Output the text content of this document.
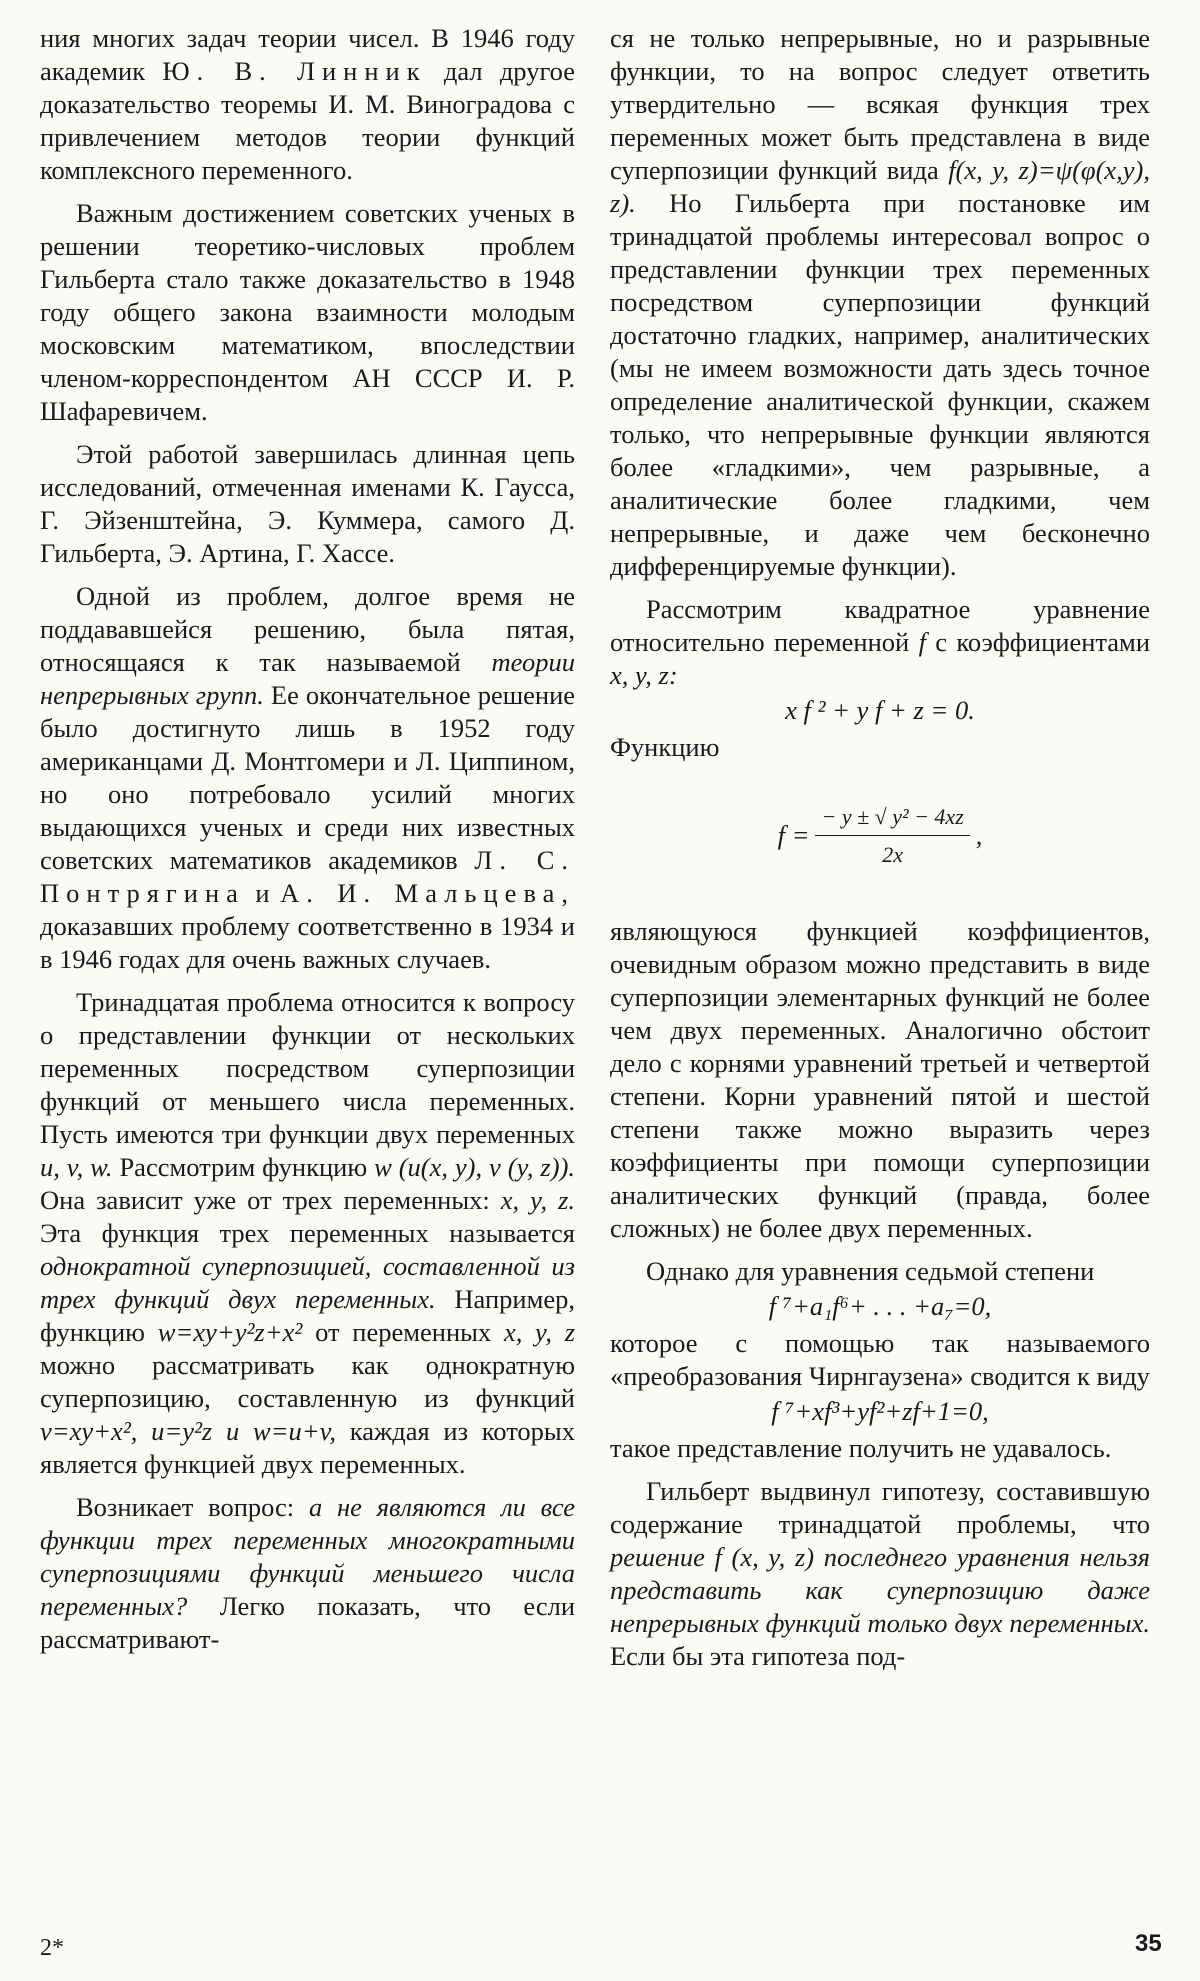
ния многих задач теории чисел. В 1946 году академик Ю. В. Линник дал другое доказательство теоремы И. М. Виноградова с привлечением методов теории функций комплексного переменного.

Важным достижением советских ученых в решении теоретико-числовых проблем Гильберта стало также доказательство в 1948 году общего закона взаимности молодым московским математиком, впоследствии членом-корреспондентом АН СССР И. Р. Шафаревичем.

Этой работой завершилась длинная цепь исследований, отмеченная именами К. Гаусса, Г. Эйзенштейна, Э. Куммера, самого Д. Гильберта, Э. Артина, Г. Хассе.

Одной из проблем, долгое время не поддававшейся решению, была пятая, относящаяся к так называемой теории непрерывных групп. Ее окончательное решение было достигнуто лишь в 1952 году американцами Д. Монтгомери и Л. Циппином, но оно потребовало усилий многих выдающихся ученых и среди них известных советских математиков академиков Л. С. Понтрягина и А. И. Мальцева, доказавших проблему соответственно в 1934 и в 1946 годах для очень важных случаев.

Тринадцатая проблема относится к вопросу о представлении функции от нескольких переменных посредством суперпозиции функций от меньшего числа переменных. Пусть имеются три функции двух переменных u, v, w. Рассмотрим функцию w (u(x, y), v (y, z)). Она зависит уже от трех переменных: x, y, z. Эта функция трех переменных называется однократной суперпозицией, составленной из трех функций двух переменных. Например, функцию w=xy+y²z+x² от переменных x, y, z можно рассматривать как однократную суперпозицию, составленную из функций v=xy+x², u=y²z и w=u+v, каждая из которых является функцией двух переменных.

Возникает вопрос: а не являются ли все функции трех переменных многократными суперпозициями функций меньшего числа переменных? Легко показать, что если рассматривают-

ся не только непрерывные, но и разрывные функции, то на вопрос следует ответить утвердительно — всякая функция трех переменных может быть представлена в виде суперпозиции функций вида f(x, y, z)=ψ(φ(x,y), z). Но Гильберта при постановке им тринадцатой проблемы интересовал вопрос о представлении функции трех переменных посредством суперпозиции функций достаточно гладких, например, аналитических (мы не имеем возможности дать здесь точное определение аналитической функции, скажем только, что непрерывные функции являются более «гладкими», чем разрывные, а аналитические более гладкими, чем непрерывные, и даже чем бесконечно дифференцируемые функции).

Рассмотрим квадратное уравнение относительно переменной f с коэффициентами x, y, z:

x f ² + y f + z = 0.

Функцию

$f = \frac{\text{− y ± √ y² − 4xz}}{2x}$ ,

являющуюся функцией коэффициентов, очевидным образом можно представить в виде суперпозиции элементарных функций не более чем двух переменных. Аналогично обстоит дело с корнями уравнений третьей и четвертой степени. Корни уравнений пятой и шестой степени также можно выразить через коэффициенты при помощи суперпозиции аналитических функций (правда, более сложных) не более двух переменных.

Однако для уравнения седьмой степени

f ⁷+a₁f⁶+ . . . +a₇=0,

которое с помощью так называемого «преобразования Чирнгаузена» сводится к виду

f ⁷+xf³+yf²+zf+1=0,

такое представление получить не удавалось.

Гильберт выдвинул гипотезу, составившую содержание тринадцатой проблемы, что решение f (x, y, z) последнего уравнения нельзя представить как суперпозицию даже непрерывных функций только двух переменных. Если бы эта гипотеза под-

2*	35
